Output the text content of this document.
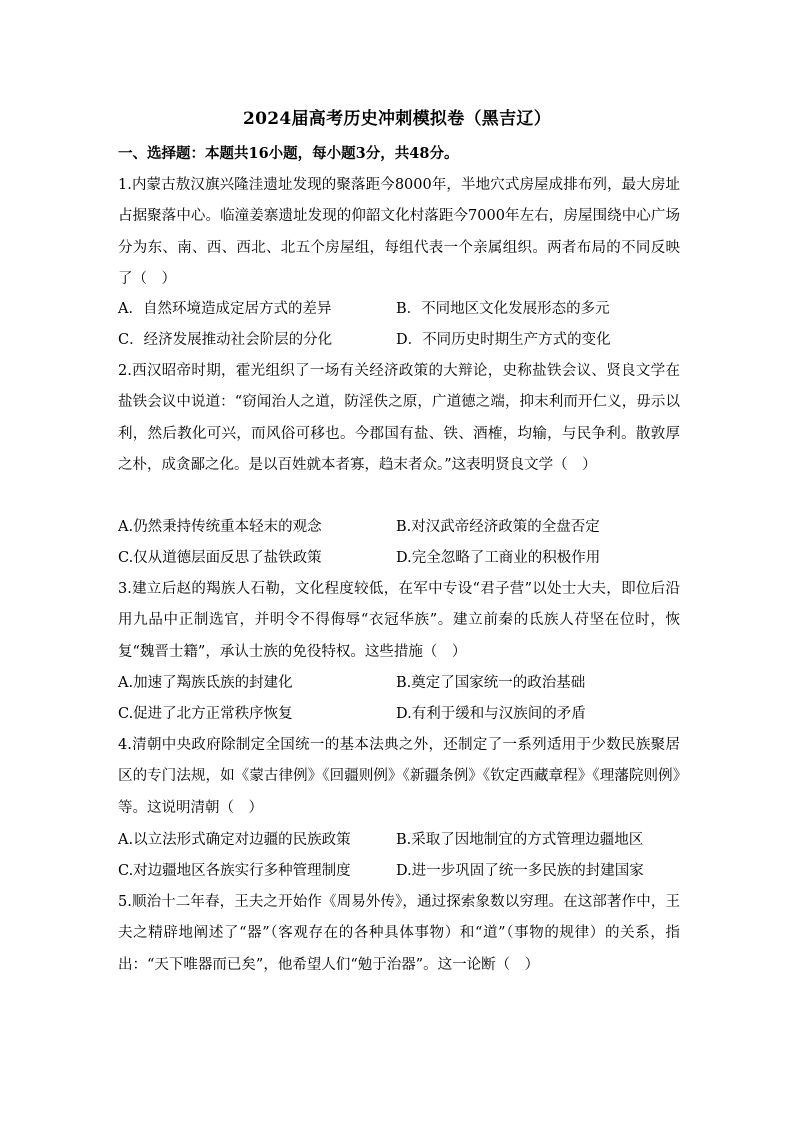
2024届高考历史冲刺模拟卷（黑吉辽）
一、选择题：本题共16小题，每小题3分，共48分。

1.内蒙古敖汉旗兴隆洼遗址发现的聚落距今8000年，半地穴式房屋成排布列，最大房址占据聚落中心。临潼姜寨遗址发现的仰韶文化村落距今7000年左右，房屋围绕中心广场分为东、南、西、西北、北五个房屋组，每组代表一个亲属组织。两者布局的不同反映了（　）

A．自然环境造成定居方式的差异	B．不同地区文化发展形态的多元
C．经济发展推动社会阶层的分化	D．不同历史时期生产方式的变化

2.西汉昭帝时期，霍光组织了一场有关经济政策的大辩论，史称盐铁会议、贤良文学在盐铁会议中说道：“窃闻治人之道，防淫佚之原，广道德之端，抑末利而开仁义，毋示以利，然后教化可兴，而风俗可移也。今郡国有盐、铁、酒榷，均输，与民争利。散敦厚之朴，成贪鄙之化。是以百姓就本者寡，趋末者众。”这表明贤良文学（　）

A.仍然秉持传统重本轻末的观念	B.对汉武帝经济政策的全盘否定
C.仅从道德层面反思了盐铁政策	D.完全忽略了工商业的积极作用

3.建立后赵的羯族人石勒，文化程度较低，在军中专设“君子营”以处士大夫，即位后沿用九品中正制选官，并明令不得侮辱“衣冠华族”。建立前秦的氐族人苻坚在位时，恢复“魏晋士籍”，承认士族的免役特权。这些措施（　）

A.加速了羯族氐族的封建化	B.奠定了国家统一的政治基础
C.促进了北方正常秩序恢复	D.有利于缓和与汉族间的矛盾

4.清朝中央政府除制定全国统一的基本法典之外，还制定了一系列适用于少数民族聚居区的专门法规，如《蒙古律例》《回疆则例》《新疆条例》《钦定西藏章程》《理藩院则例》等。这说明清朝（　）

A.以立法形式确定对边疆的民族政策	B.采取了因地制宜的方式管理边疆地区
C.对边疆地区各族实行多种管理制度	D.进一步巩固了统一多民族的封建国家

5.顺治十二年春，王夫之开始作《周易外传》，通过探索象数以穷理。在这部著作中，王夫之精辟地阐述了“器”（客观存在的各种具体事物）和“道”（事物的规律）的关系，指出：“天下唯器而已矣”，他希望人们“勉于治器”。这一论断（　）
